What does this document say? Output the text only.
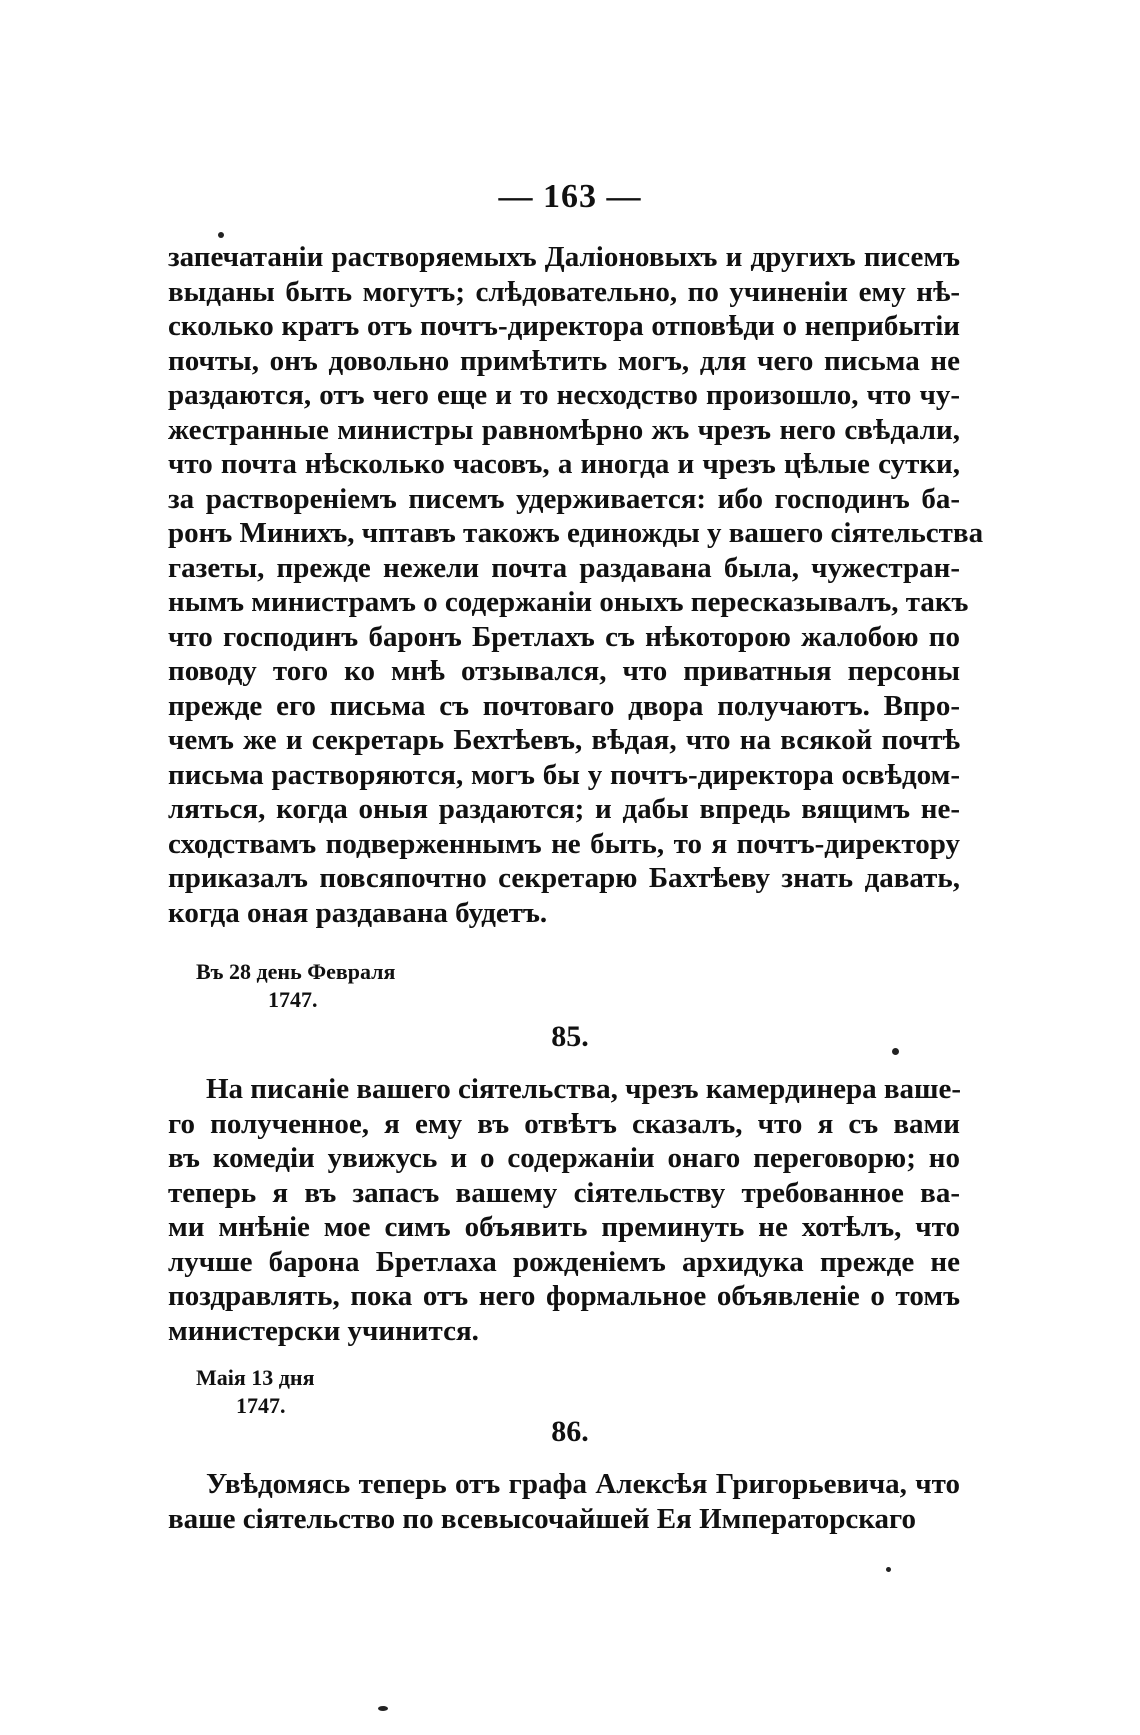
— 163 —
запечатаніи растворяемыхъ Даліоновыхъ и другихъ писемъ
выданы быть могутъ; слѣдовательно, по учиненіи ему нѣ-
сколько кратъ отъ почтъ-директора отповѣди о неприбытіи
почты, онъ довольно примѣтить могъ, для чего письма не
раздаются, отъ чего еще и то несходство произошло, что чу-
жестранные министры равномѣрно жъ чрезъ него свѣдали,
что почта нѣсколько часовъ, а иногда и чрезъ цѣлые сутки,
за раствореніемъ писемъ удерживается: ибо господинъ ба-
ронъ Минихъ, чптавъ такожъ единожды у вашего сіятельства
газеты, прежде нежели почта раздавана была, чужестран-
нымъ министрамъ о содержаніи оныхъ пересказывалъ, такъ
что господинъ баронъ Бретлахъ съ нѣкоторою жалобою по
поводу того ко мнѣ отзывался, что приватныя персоны
прежде его письма съ почтоваго двора получаютъ. Впро-
чемъ же и секретарь Бехтѣевъ, вѣдая, что на всякой почтѣ
письма растворяются, могъ бы у почтъ-директора освѣдом-
ляться, когда оныя раздаются; и дабы впредь вящимъ не-
сходствамъ подверженнымъ не быть, то я почтъ-директору
приказалъ повсяпочтно секретарю Бахтѣеву знать давать,
когда оная раздавана будетъ.
Въ 28 день Февраля
1747.
85.
На писаніе вашего сіятельства, чрезъ камердинера ваше-
го полученное, я ему въ отвѣтъ сказалъ, что я съ вами
въ комедіи увижусь и о содержаніи онаго переговорю; но
теперь я въ запасъ вашему сіятельству требованное ва-
ми мнѣніе мое симъ объявить преминуть не хотѣлъ, что
лучше барона Бретлаха рожденіемъ архидука прежде не
поздравлять, пока отъ него формальное объявленіе о томъ
министерски учинится.
Маія 13 дня
1747.
86.
Увѣдомясь теперь отъ графа Алексѣя Григорьевича, что
ваше сіятельство по всевысочайшей Ея Императорскаго
